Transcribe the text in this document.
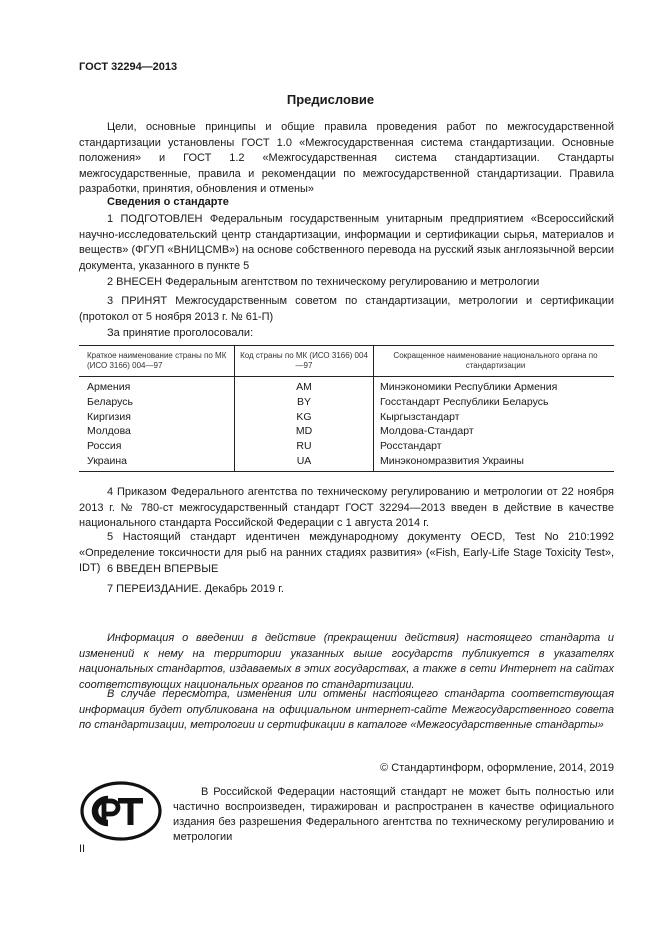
ГОСТ 32294—2013
Предисловие
Цели, основные принципы и общие правила проведения работ по межгосударственной стандартизации установлены ГОСТ 1.0 «Межгосударственная система стандартизации. Основные положения» и ГОСТ 1.2 «Межгосударственная система стандартизации. Стандарты межгосударственные, правила и рекомендации по межгосударственной стандартизации. Правила разработки, принятия, обновления и отмены»
Сведения о стандарте
1 ПОДГОТОВЛЕН Федеральным государственным унитарным предприятием «Всероссийский научно-исследовательский центр стандартизации, информации и сертификации сырья, материалов и веществ» (ФГУП «ВНИЦСМВ») на основе собственного перевода на русский язык англоязычной версии документа, указанного в пункте 5
2 ВНЕСЕН Федеральным агентством по техническому регулированию и метрологии
3 ПРИНЯТ Межгосударственным советом по стандартизации, метрологии и сертификации (протокол от 5 ноября 2013 г. № 61-П)
За принятие проголосовали:
Краткое наименование страны по МК (ИСО 3166) 004—97	Код страны по МК (ИСО 3166) 004—97	Сокращенное наименование национального органа по стандартизации
Армения	AM	Минэкономики Республики Армения
Беларусь	BY	Госстандарт Республики Беларусь
Киргизия	KG	Кыргызстандарт
Молдова	MD	Молдова-Стандарт
Россия	RU	Росстандарт
Украина	UA	Минэкономразвития Украины
4 Приказом Федерального агентства по техническому регулированию и метрологии от 22 ноября 2013 г. № 780-ст межгосударственный стандарт ГОСТ 32294—2013 введен в действие в качестве национального стандарта Российской Федерации с 1 августа 2014 г.
5 Настоящий стандарт идентичен международному документу OECD, Test No 210:1992 «Определение токсичности для рыб на ранних стадиях развития» («Fish, Early-Life Stage Toxicity Test», IDT) 6 ВВЕДЕН ВПЕРВЫЕ
7 ПЕРЕИЗДАНИЕ. Декабрь 2019 г.
Информация о введении в действие (прекращении действия) настоящего стандарта и изменений к нему на территории указанных выше государств публикуется в указателях национальных стандартов, издаваемых в этих государствах, а также в сети Интернет на сайтах соответствующих национальных органов по стандартизации.
В случае пересмотра, изменения или отмены настоящего стандарта соответствующая информация будет опубликована на официальном интернет-сайте Межгосударственного совета по стандартизации, метрологии и сертификации в каталоге «Межгосударственные стандарты»
© Стандартинформ, оформление, 2014, 2019
В Российской Федерации настоящий стандарт не может быть полностью или частично воспроизведен, тиражирован и распространен в качестве официального издания без разрешения Федерального агентства по техническому регулированию и метрологии
II
